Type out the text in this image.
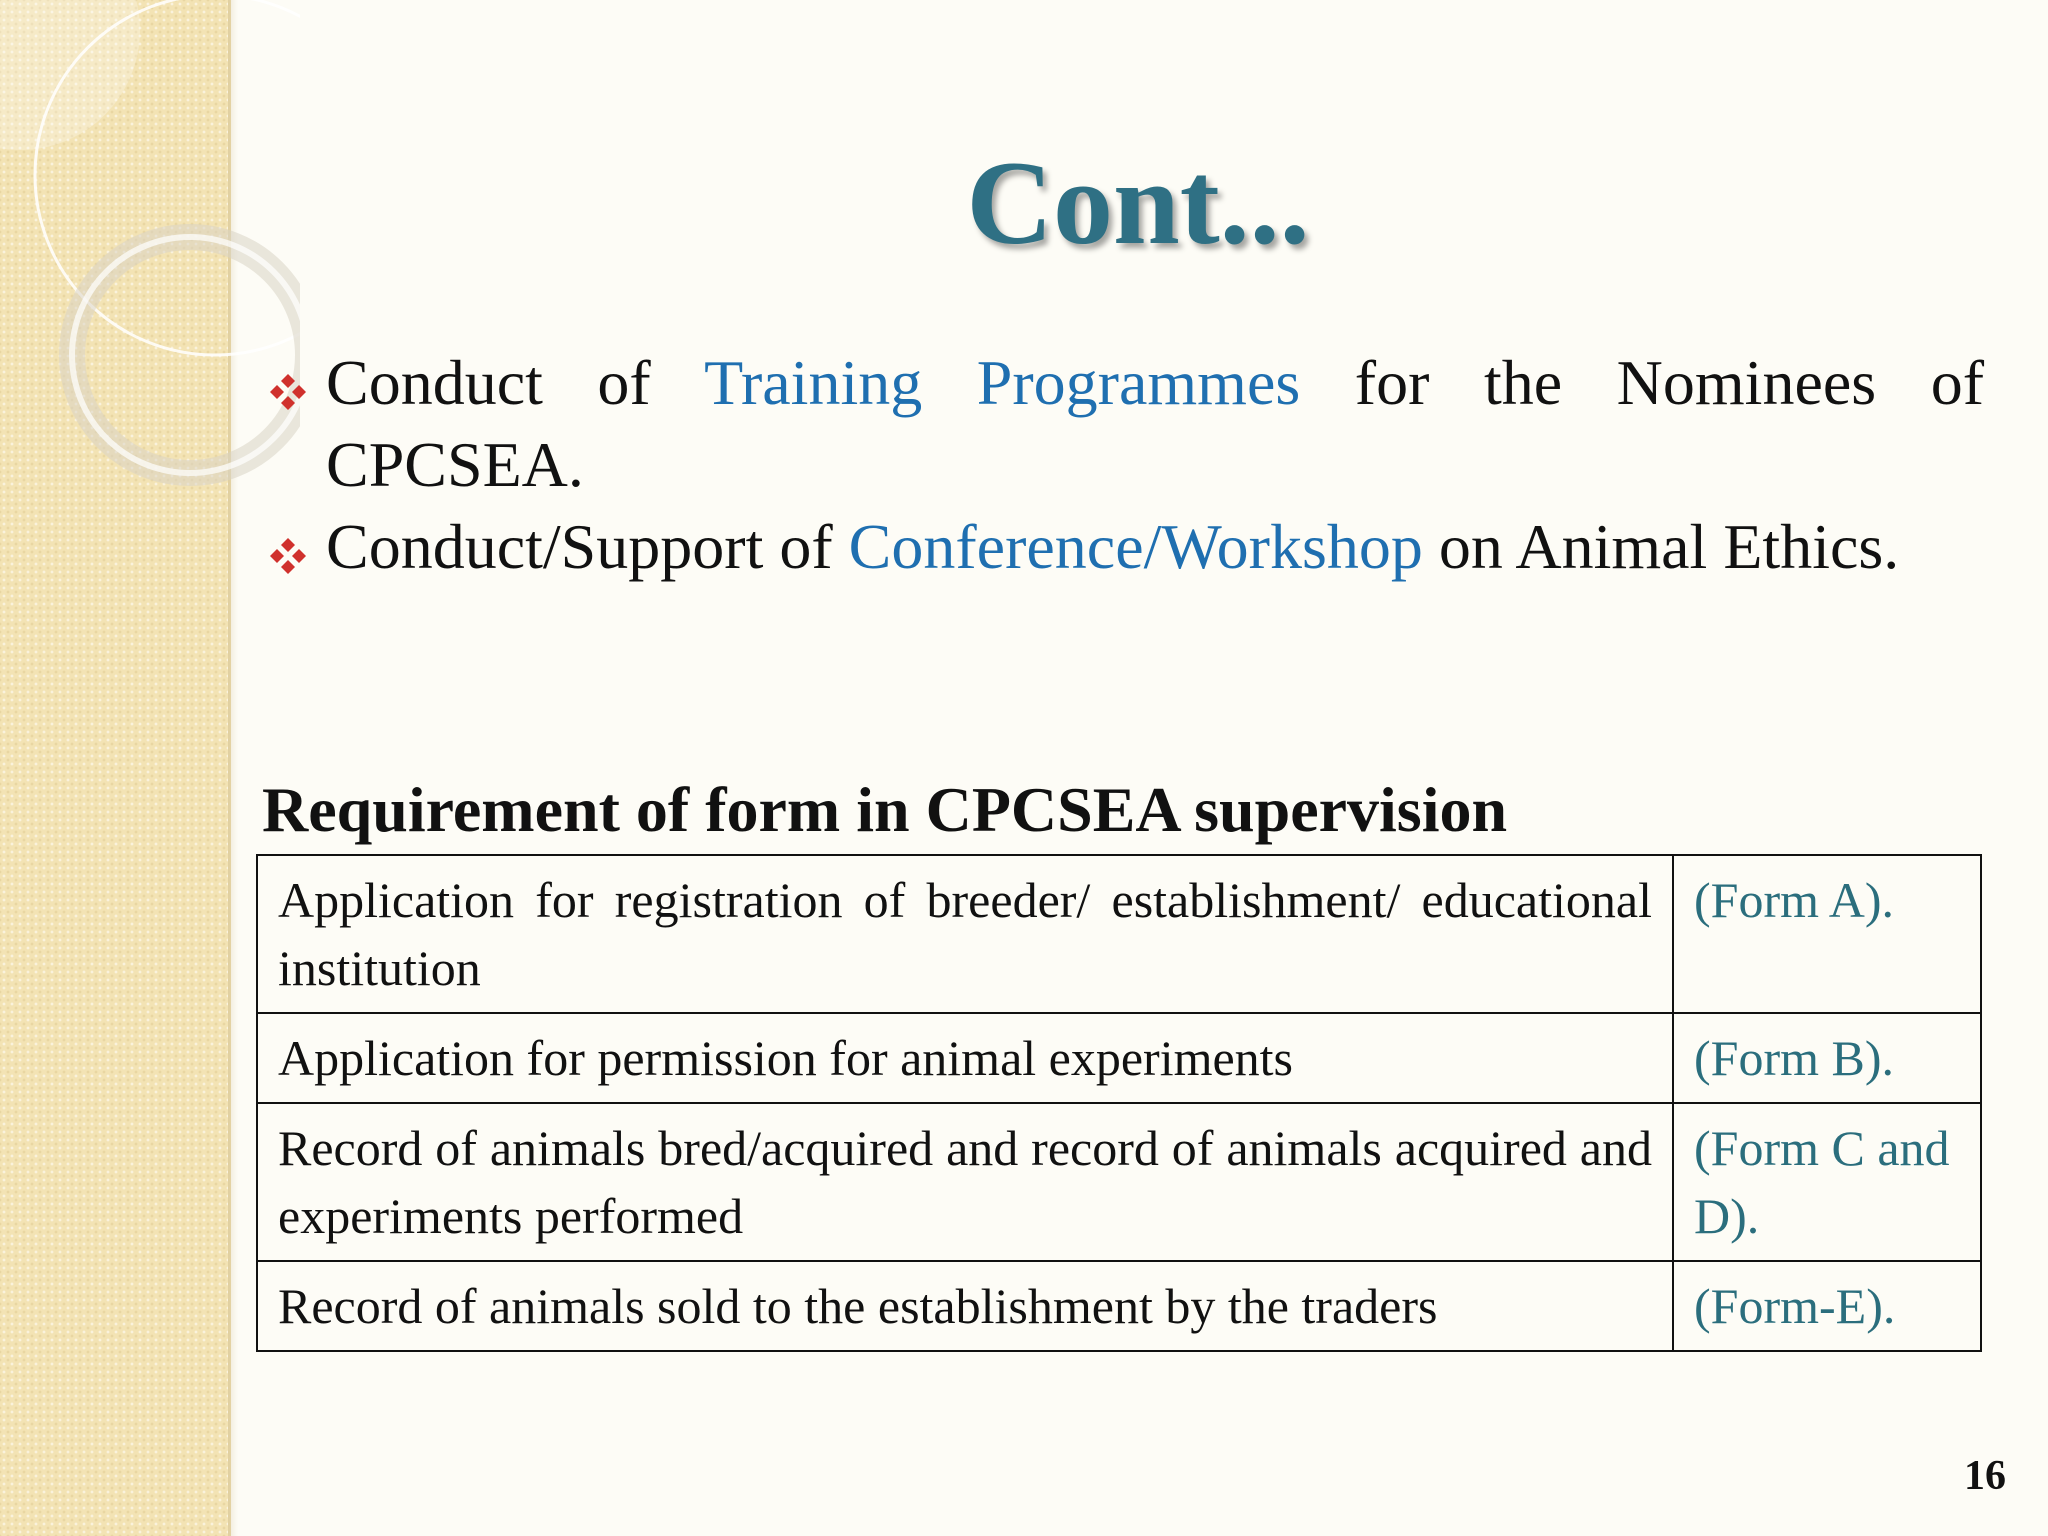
Cont...
Conduct of Training Programmes for the Nominees of CPCSEA.
Conduct/Support of Conference/Workshop on Animal Ethics.
Requirement of form in CPCSEA supervision
Application for registration of breeder/ establishment/ educational institution	(Form A).
Application for permission for animal experiments	(Form B).
Record of animals bred/acquired and record of animals acquired and experiments performed	(Form C and D).
Record of animals sold to the establishment by the traders	(Form-E).
16
